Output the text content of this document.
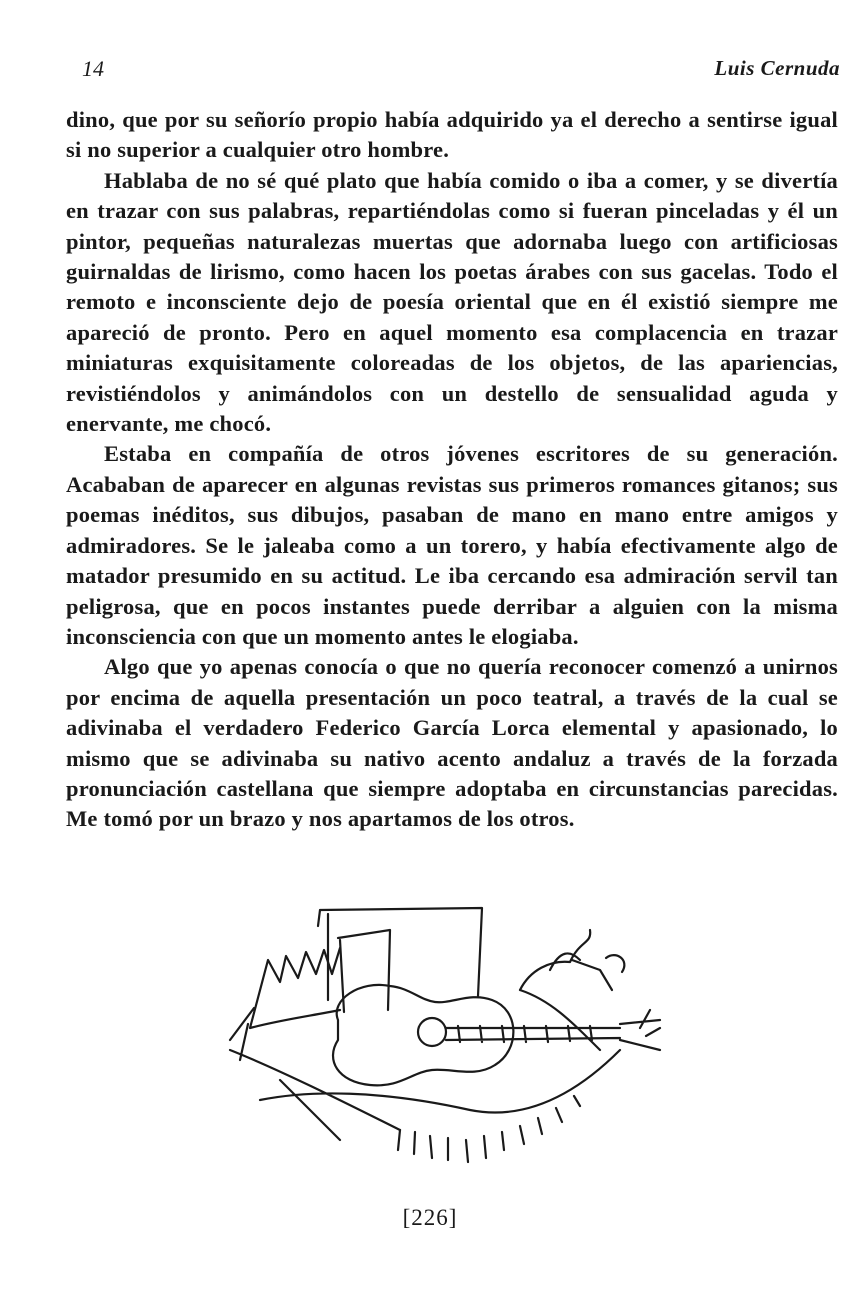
14	Luis Cernuda

dino, que por su señorío propio había adquirido ya el derecho a sentirse igual si no superior a cualquier otro hombre.

Hablaba de no sé qué plato que había comido o iba a comer, y se divertía en trazar con sus palabras, repartiéndolas como si fueran pinceladas y él un pintor, pequeñas naturalezas muertas que adornaba luego con artificiosas guirnaldas de lirismo, como hacen los poetas árabes con sus gacelas. Todo el remoto e inconsciente dejo de poesía oriental que en él existió siempre me apareció de pronto. Pero en aquel momento esa complacencia en trazar miniaturas exquisitamente coloreadas de los objetos, de las apariencias, revistiéndolos y animándolos con un destello de sensualidad aguda y enervante, me chocó.

Estaba en compañía de otros jóvenes escritores de su generación. Acababan de aparecer en algunas revistas sus primeros romances gitanos; sus poemas inéditos, sus dibujos, pasaban de mano en mano entre amigos y admiradores. Se le jaleaba como a un torero, y había efectivamente algo de matador presumido en su actitud. Le iba cercando esa admiración servil tan peligrosa, que en pocos instantes puede derribar a alguien con la misma inconsciencia con que un momento antes le elogiaba.

Algo que yo apenas conocía o que no quería reconocer comenzó a unirnos por encima de aquella presentación un poco teatral, a través de la cual se adivinaba el verdadero Federico García Lorca elemental y apasionado, lo mismo que se adivinaba su nativo acento andaluz a través de la forzada pronunciación castellana que siempre adoptaba en circunstancias parecidas. Me tomó por un brazo y nos apartamos de los otros.

[226]
